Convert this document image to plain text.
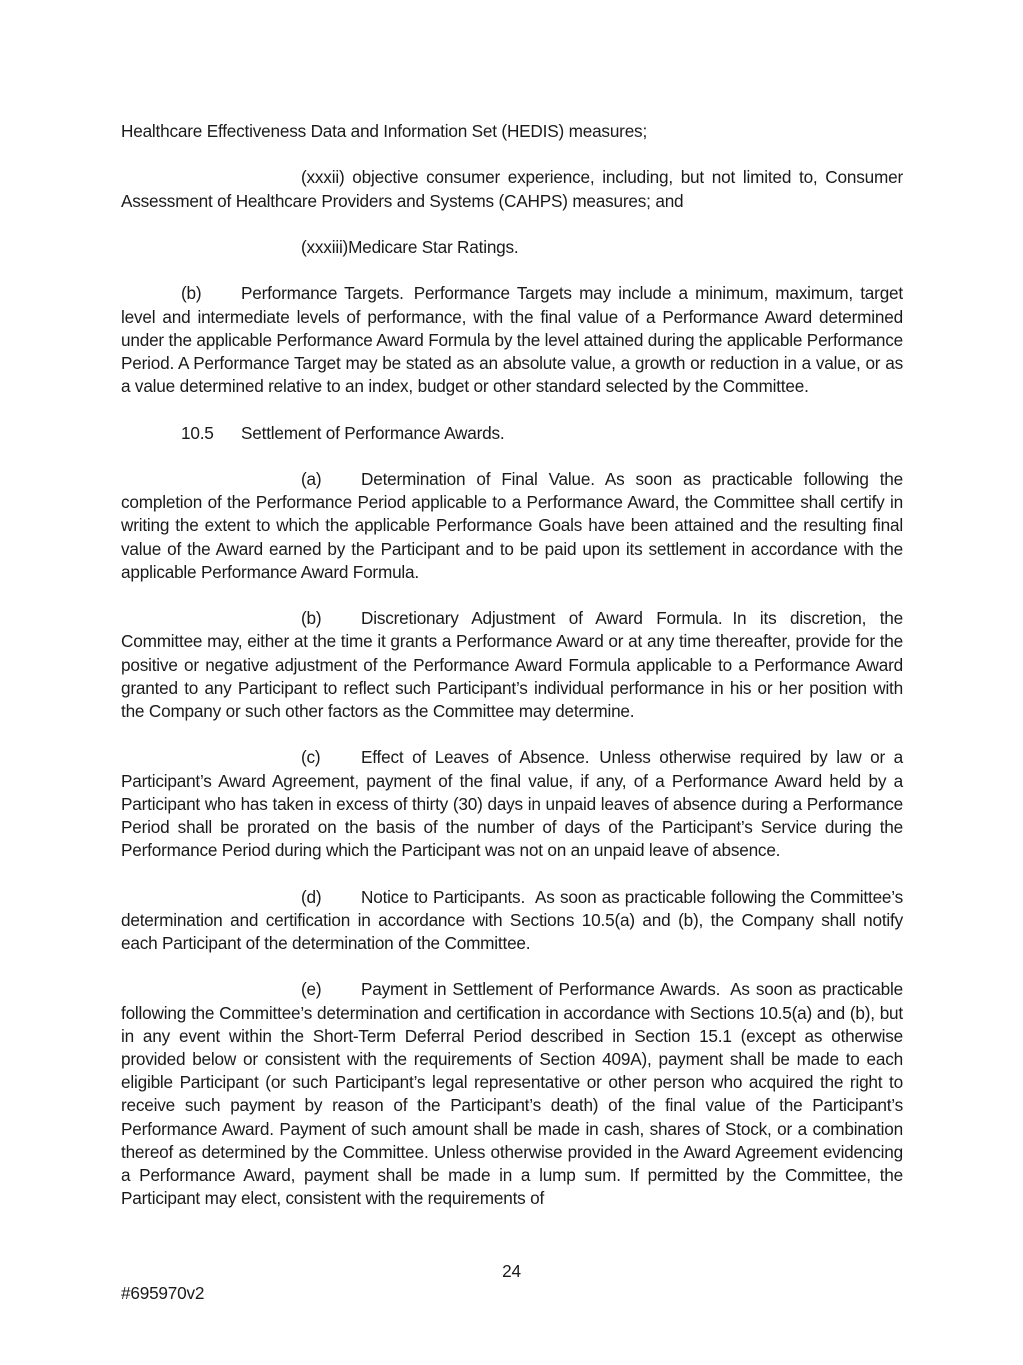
Healthcare Effectiveness Data and Information Set (HEDIS) measures;

(xxxii) objective consumer experience, including, but not limited to, Consumer Assessment of Healthcare Providers and Systems (CAHPS) measures; and

(xxxiii)Medicare Star Ratings.

(b) Performance Targets. Performance Targets may include a minimum, maximum, target level and intermediate levels of performance, with the final value of a Performance Award determined under the applicable Performance Award Formula by the level attained during the applicable Performance Period. A Performance Target may be stated as an absolute value, a growth or reduction in a value, or as a value determined relative to an index, budget or other standard selected by the Committee.

10.5 Settlement of Performance Awards.

(a) Determination of Final Value. As soon as practicable following the completion of the Performance Period applicable to a Performance Award, the Committee shall certify in writing the extent to which the applicable Performance Goals have been attained and the resulting final value of the Award earned by the Participant and to be paid upon its settlement in accordance with the applicable Performance Award Formula.

(b) Discretionary Adjustment of Award Formula. In its discretion, the Committee may, either at the time it grants a Performance Award or at any time thereafter, provide for the positive or negative adjustment of the Performance Award Formula applicable to a Performance Award granted to any Participant to reflect such Participant’s individual performance in his or her position with the Company or such other factors as the Committee may determine.

(c) Effect of Leaves of Absence. Unless otherwise required by law or a Participant’s Award Agreement, payment of the final value, if any, of a Performance Award held by a Participant who has taken in excess of thirty (30) days in unpaid leaves of absence during a Performance Period shall be prorated on the basis of the number of days of the Participant’s Service during the Performance Period during which the Participant was not on an unpaid leave of absence.

(d) Notice to Participants. As soon as practicable following the Committee’s determination and certification in accordance with Sections 10.5(a) and (b), the Company shall notify each Participant of the determination of the Committee.

(e) Payment in Settlement of Performance Awards. As soon as practicable following the Committee’s determination and certification in accordance with Sections 10.5(a) and (b), but in any event within the Short-Term Deferral Period described in Section 15.1 (except as otherwise provided below or consistent with the requirements of Section 409A), payment shall be made to each eligible Participant (or such Participant’s legal representative or other person who acquired the right to receive such payment by reason of the Participant’s death) of the final value of the Participant’s Performance Award. Payment of such amount shall be made in cash, shares of Stock, or a combination thereof as determined by the Committee. Unless otherwise provided in the Award Agreement evidencing a Performance Award, payment shall be made in a lump sum. If permitted by the Committee, the Participant may elect, consistent with the requirements of

24
#695970v2
